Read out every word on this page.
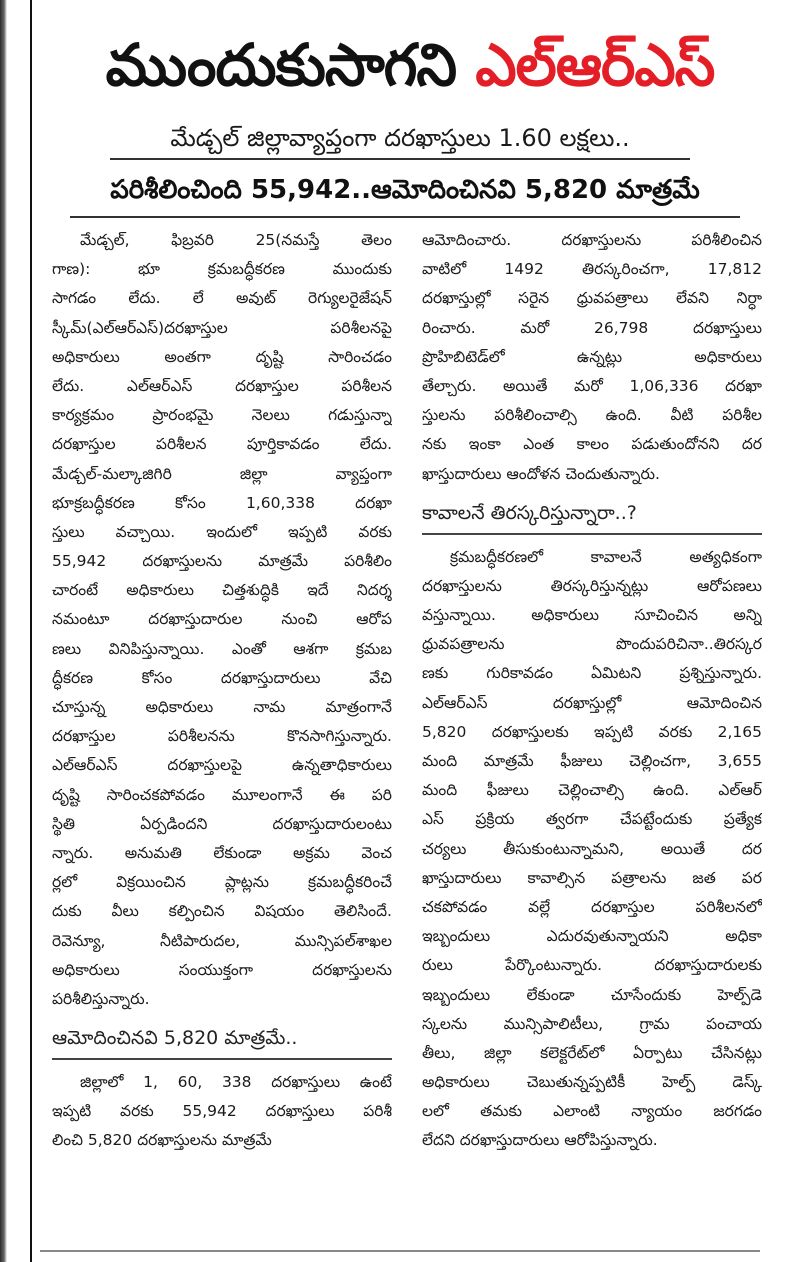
ముందుకుసాగని ఎల్‌ఆర్‌ఎస్‌
మేడ్చల్‌ జిల్లావ్యాప్తంగా దరఖాస్తులు 1.60 లక్షలు..
పరిశీలించింది 55,942..ఆమోదించినవి 5,820 మాత్రమే
మేడ్చల్‌, ఫిబ్రవరి 25(నమస్తే తెలం
గాణ): భూ క్రమబద్ధీకరణ ముందుకు
సాగడం లేదు. లే అవుట్‌ రెగ్యులరైజేషన్‌
స్కీమ్‌(ఎల్‌ఆర్‌ఎస్‌)దరఖాస్తుల పరిశీలనపై
అధికారులు అంతగా దృష్టి సారించడం
లేదు. ఎల్‌ఆర్‌ఎస్‌ దరఖాస్తుల పరిశీలన
కార్యక్రమం ప్రారంభమై నెలలు గడుస్తున్నా
దరఖాస్తుల పరిశీలన పూర్తికావడం లేదు.
మేడ్చల్‌-మల్కాజిగిరి జిల్లా వ్యాప్తంగా
భూక్రబద్ధీకరణ కోసం 1,60,338 దరఖా
స్తులు వచ్చాయి. ఇందులో ఇప్పటి వరకు
55,942 దరఖాస్తులను మాత్రమే పరిశీలిం
చారంటే అధికారులు చిత్తశుద్ధికి ఇదే నిదర్శ
నమంటూ దరఖాస్తుదారుల నుంచి ఆరోప
ణలు వినిపిస్తున్నాయి. ఎంతో ఆశగా క్రమబ
ద్ధీకరణ కోసం దరఖాస్తుదారులు వేచి
చూస్తున్న అధికారులు నామ మాత్రంగానే
దరఖాస్తుల పరిశీలనను కొనసాగిస్తున్నారు.
ఎల్‌ఆర్‌ఎస్‌ దరఖాస్తులపై ఉన్నతాధికారులు
దృష్టి సారించకపోవడం మూలంగానే ఈ పరి
స్థితి ఏర్పడిందని దరఖాస్తుదారులంటు
న్నారు. అనుమతి లేకుండా అక్రమ వెంచ
ర్లలో విక్రయించిన ప్లాట్లను క్రమబద్ధీకరించే
దుకు వీలు కల్పించిన విషయం తెలిసిందే.
రెవెన్యూ, నీటిపారుదల, మున్సిపల్‌శాఖల
అధికారులు సంయుక్తంగా దరఖాస్తులను
పరిశీలిస్తున్నారు.
ఆమోదించినవి 5,820 మాత్రమే..
జిల్లాలో 1, 60, 338 దరఖాస్తులు ఉంటే
ఇప్పటి వరకు 55,942 దరఖాస్తులు పరిశీ
లించి 5,820 దరఖాస్తులను మాత్రమే
ఆమోదించారు. దరఖాస్తులను పరిశీలించిన
వాటిలో 1492 తిరస్కరించగా, 17,812
దరఖాస్తుల్లో సరైన ధ్రువపత్రాలు లేవని నిర్ధా
రించారు. మరో 26,798 దరఖాస్తులు
ప్రొహిబిటెడ్‌లో ఉన్నట్లు అధికారులు
తేల్చారు. అయితే మరో 1,06,336 దరఖా
స్తులను పరిశీలించాల్సి ఉంది. వీటి పరిశీల
నకు ఇంకా ఎంత కాలం పడుతుందోనని దర
ఖాస్తుదారులు ఆందోళన చెందుతున్నారు.
కావాలనే తిరస్కరిస్తున్నారా..?
క్రమబద్ధీకరణలో కావాలనే అత్యధికంగా
దరఖాస్తులను తిరస్కరిస్తున్నట్లు ఆరోపణలు
వస్తున్నాయి. అధికారులు సూచించిన అన్ని
ధ్రువపత్రాలను పొందుపరిచినా..తిరస్కర
ణకు గురికావడం ఏమిటని ప్రశ్నిస్తున్నారు.
ఎల్‌ఆర్‌ఎస్‌ దరఖాస్తుల్లో ఆమోదించిన
5,820 దరఖాస్తులకు ఇప్పటి వరకు 2,165
మంది మాత్రమే ఫీజులు చెల్లించగా, 3,655
మంది ఫీజులు చెల్లించాల్సి ఉంది. ఎల్‌ఆర్‌
ఎస్‌ ప్రక్రియ త్వరగా చేపట్టేందుకు ప్రత్యేక
చర్యలు తీసుకుంటున్నామని, అయితే దర
ఖాస్తుదారులు కావాల్సిన పత్రాలను జత పర
చకపోవడం వల్లే దరఖాస్తుల పరిశీలనలో
ఇబ్బందులు ఎదురవుతున్నాయని అధికా
రులు పేర్కొంటున్నారు. దరఖాస్తుదారులకు
ఇబ్బందులు లేకుండా చూసేందుకు హెల్ప్‌డె
స్కలను మున్సిపాలిటీలు, గ్రామ పంచాయ
తీలు, జిల్లా కలెక్టరేట్‌లో ఏర్పాటు చేసినట్లు
అధికారులు చెబుతున్నప్పటికీ హెల్ప్‌ డెస్క్‌
లలో తమకు ఎలాంటి న్యాయం జరగడం
లేదని దరఖాస్తుదారులు ఆరోపిస్తున్నారు.
